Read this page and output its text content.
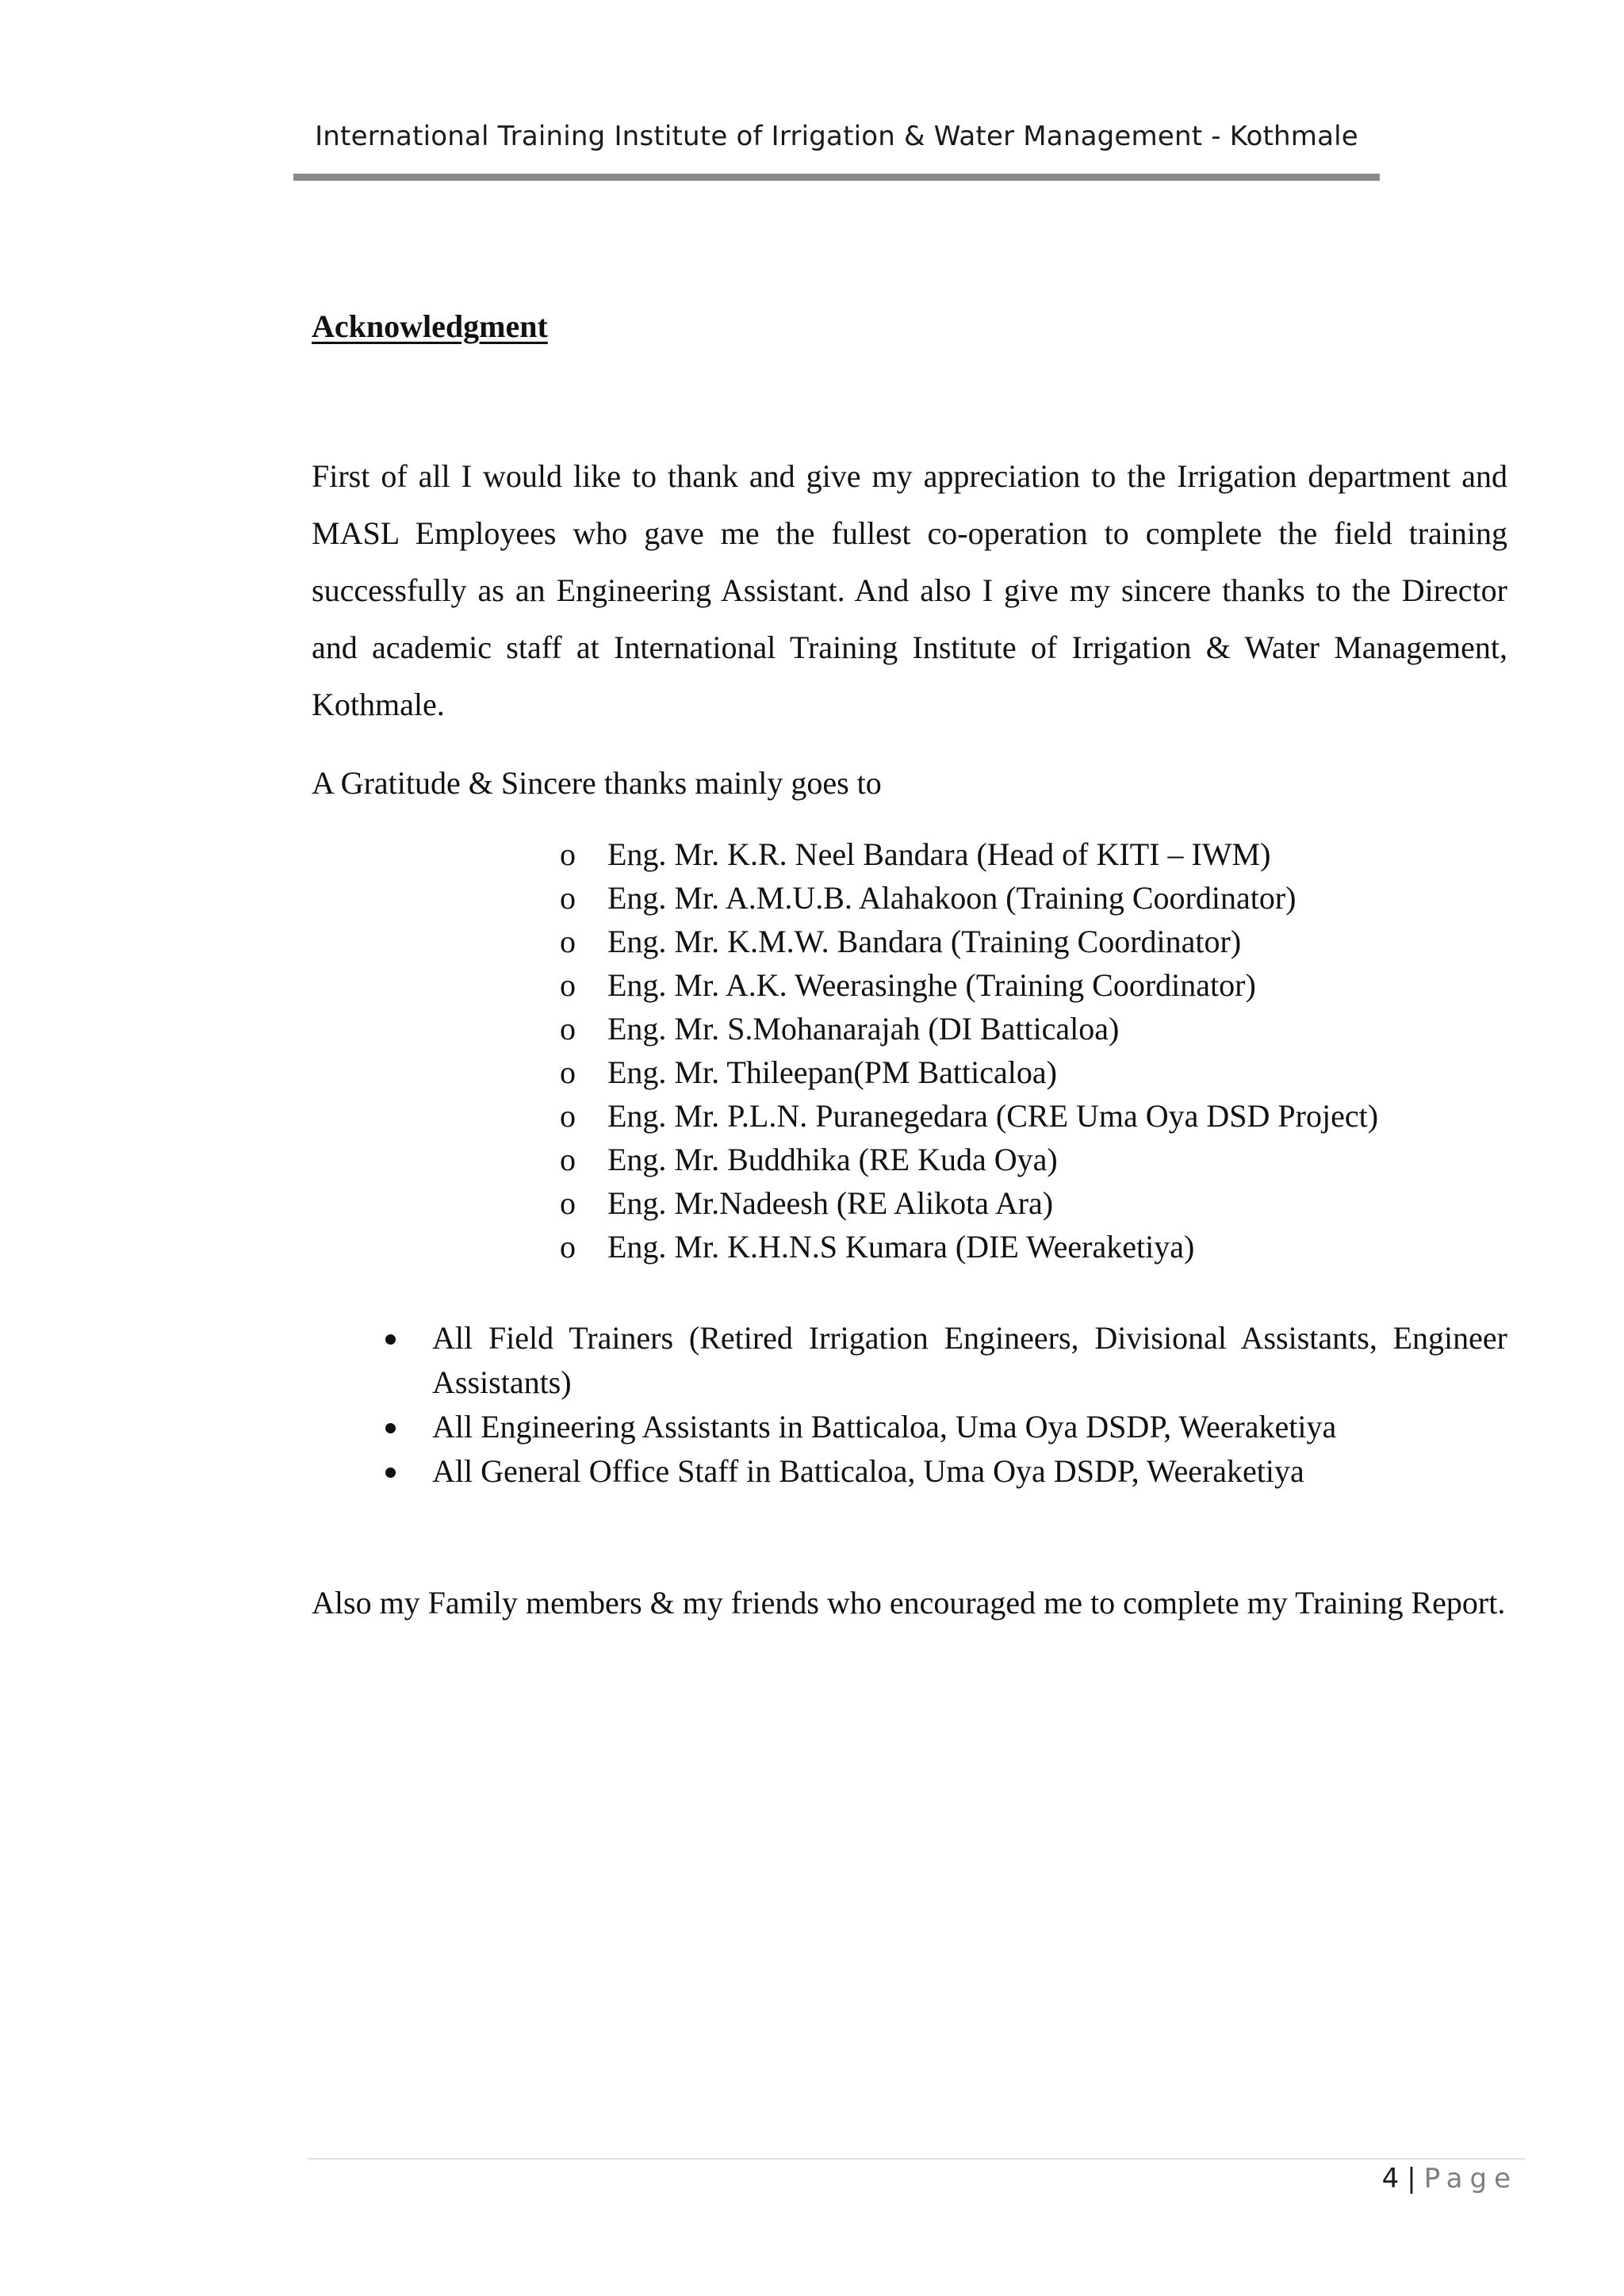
International Training Institute of Irrigation & Water Management - Kothmale
Acknowledgment
First of all I would like to thank and give my appreciation to the Irrigation department and MASL Employees who gave me the fullest co-operation to complete the field training successfully as an Engineering Assistant. And also I give my sincere thanks to the Director and academic staff at International Training Institute of Irrigation & Water Management, Kothmale.
A Gratitude & Sincere thanks mainly goes to
o Eng. Mr. K.R. Neel Bandara (Head of KITI – IWM)
o Eng. Mr. A.M.U.B. Alahakoon (Training Coordinator)
o Eng. Mr. K.M.W. Bandara (Training Coordinator)
o Eng. Mr. A.K. Weerasinghe (Training Coordinator)
o Eng. Mr. S.Mohanarajah (DI Batticaloa)
o Eng. Mr. Thileepan(PM Batticaloa)
o Eng. Mr. P.L.N. Puranegedara (CRE Uma Oya DSD Project)
o Eng. Mr. Buddhika (RE Kuda Oya)
o Eng. Mr.Nadeesh (RE Alikota Ara)
o Eng. Mr. K.H.N.S Kumara (DIE Weeraketiya)
All Field Trainers (Retired Irrigation Engineers, Divisional Assistants, Engineer Assistants)
All Engineering Assistants in Batticaloa, Uma Oya DSDP, Weeraketiya
All General Office Staff in Batticaloa, Uma Oya DSDP, Weeraketiya
Also my Family members & my friends who encouraged me to complete my Training Report.
4 | Page
